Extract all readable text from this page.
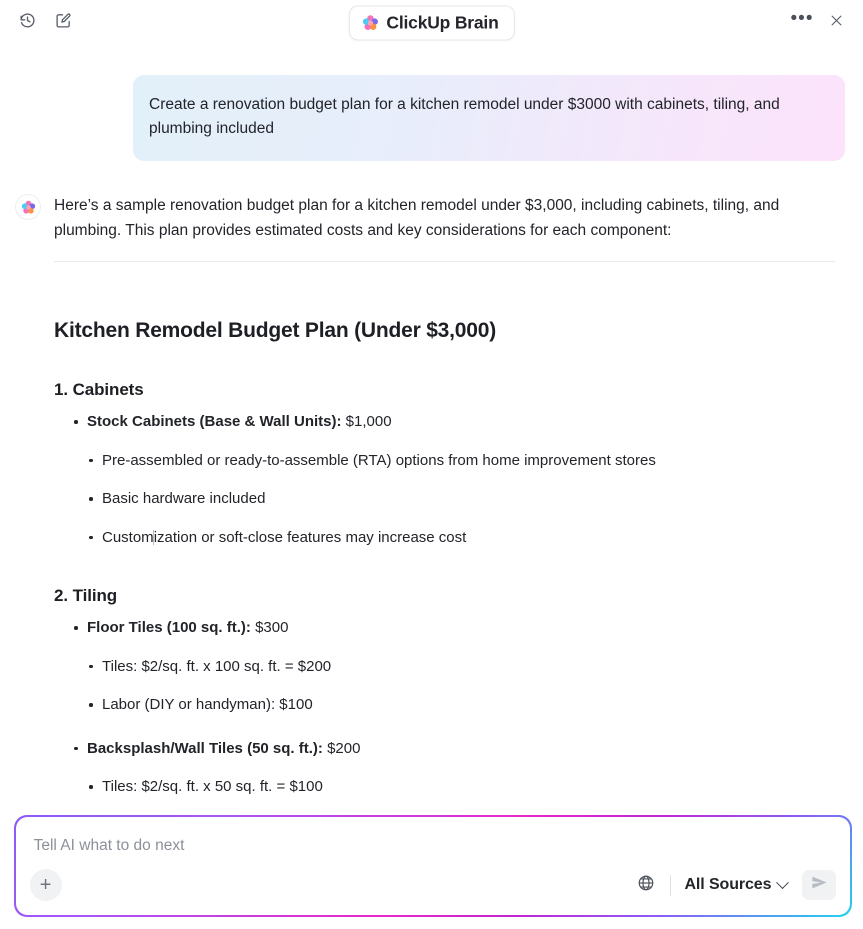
ClickUp Brain	•••
Create a renovation budget plan for a kitchen remodel under $3000 with cabinets, tiling, and plumbing included
Here’s a sample renovation budget plan for a kitchen remodel under $3,000, including cabinets, tiling, and plumbing. This plan provides estimated costs and key considerations for each component:
Kitchen Remodel Budget Plan (Under $3,000)
1. Cabinets
Stock Cabinets (Base & Wall Units): $1,000
Pre-assembled or ready-to-assemble (RTA) options from home improvement stores
Basic hardware included
Customization or soft-close features may increase cost
2. Tiling
Floor Tiles (100 sq. ft.): $300
Tiles: $2/sq. ft. x 100 sq. ft. = $200
Labor (DIY or handyman): $100
Backsplash/Wall Tiles (50 sq. ft.): $200
Tiles: $2/sq. ft. x 50 sq. ft. = $100
Tell AI what to do next
+	All Sources
